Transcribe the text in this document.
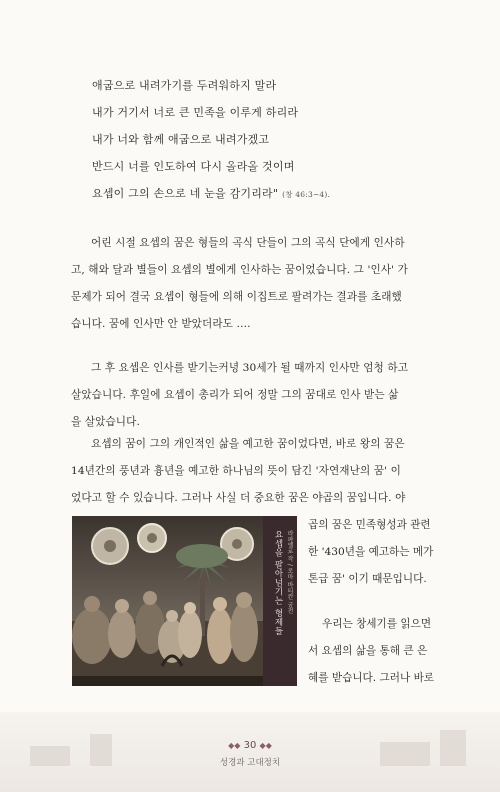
애굽으로 내려가기를 두려워하지 말라
내가 거기서 너로 큰 민족을 이루게 하리라
내가 너와 함께 애굽으로 내려가겠고
반드시 너를 인도하여 다시 올라올 것이며
요셉이 그의 손으로 네 눈을 감기리라" (창 46:3~4).
어린 시절 요셉의 꿈은 형들의 곡식 단들이 그의 곡식 단에게 인사하
고, 해와 달과 별들이 요셉의 별에게 인사하는 꿈이었습니다. 그 '인사' 가
문제가 되어 결국 요셉이 형들에 의해 이집트로 팔려가는 결과를 초래했
습니다. 꿈에 인사만 안 받았더라도 ….
그 후 요셉은 인사를 받기는커녕 30세가 될 때까지 인사만 엄청 하고
살았습니다. 후일에 요셉이 총리가 되어 정말 그의 꿈대로 인사 받는 삶
을 살았습니다.
요셉의 꿈이 그의 개인적인 삶을 예고한 꿈이었다면, 바로 왕의 꿈은
14년간의 풍년과 흉년을 예고한 하나님의 뜻이 담긴 '자연재난의 꿈' 이
었다고 할 수 있습니다. 그러나 사실 더 중요한 꿈은 야곱의 꿈입니다. 야
요셉을 팔아넘기는 형제들 라파엘로 작 / 로마 바티칸 궁전
곱의 꿈은 민족형성과 관련
한 '430년을 예고하는 메가
톤급 꿈' 이기 때문입니다.
우리는 창세기를 읽으면
서 요셉의 삶을 통해 큰 은
혜를 받습니다. 그러나 바로
◆◆ 30 ◆◆
성경과 고대정치
